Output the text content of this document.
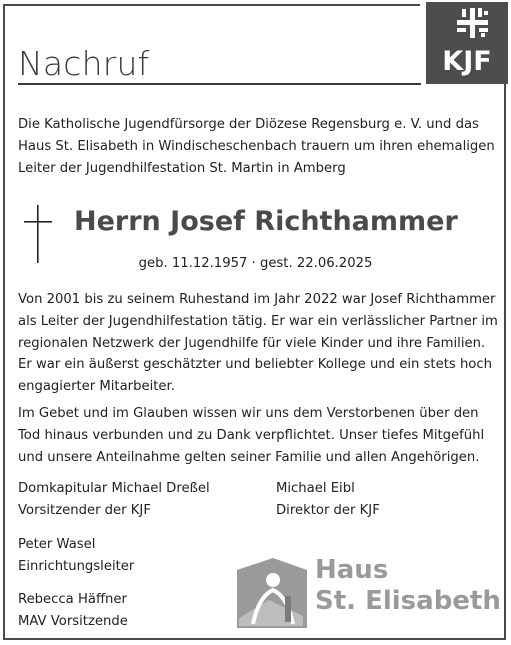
Nachruf	KJF
Die Katholische Jugendfürsorge der Diözese Regensburg e. V. und das Haus St. Elisabeth in Windischeschenbach trauern um ihren ehemaligen Leiter der Jugendhilfestation St. Martin in Amberg
Herrn Josef Richthammer
geb. 11.12.1957 · gest. 22.06.2025
Von 2001 bis zu seinem Ruhestand im Jahr 2022 war Josef Richthammer als Leiter der Jugendhilfestation tätig. Er war ein verlässlicher Partner im regionalen Netzwerk der Jugendhilfe für viele Kinder und ihre Familien. Er war ein äußerst geschätzter und beliebter Kollege und ein stets hoch engagierter Mitarbeiter.
Im Gebet und im Glauben wissen wir uns dem Verstorbenen über den Tod hinaus verbunden und zu Dank verpflichtet. Unser tiefes Mitgefühl und unsere Anteilnahme gelten seiner Familie und allen Angehörigen.
Domkapitular Michael Dreßel
Vorsitzender der KJF
Michael Eibl
Direktor der KJF
Peter Wasel
Einrichtungsleiter
Rebecca Häffner
MAV Vorsitzende
Haus
St. Elisabeth
